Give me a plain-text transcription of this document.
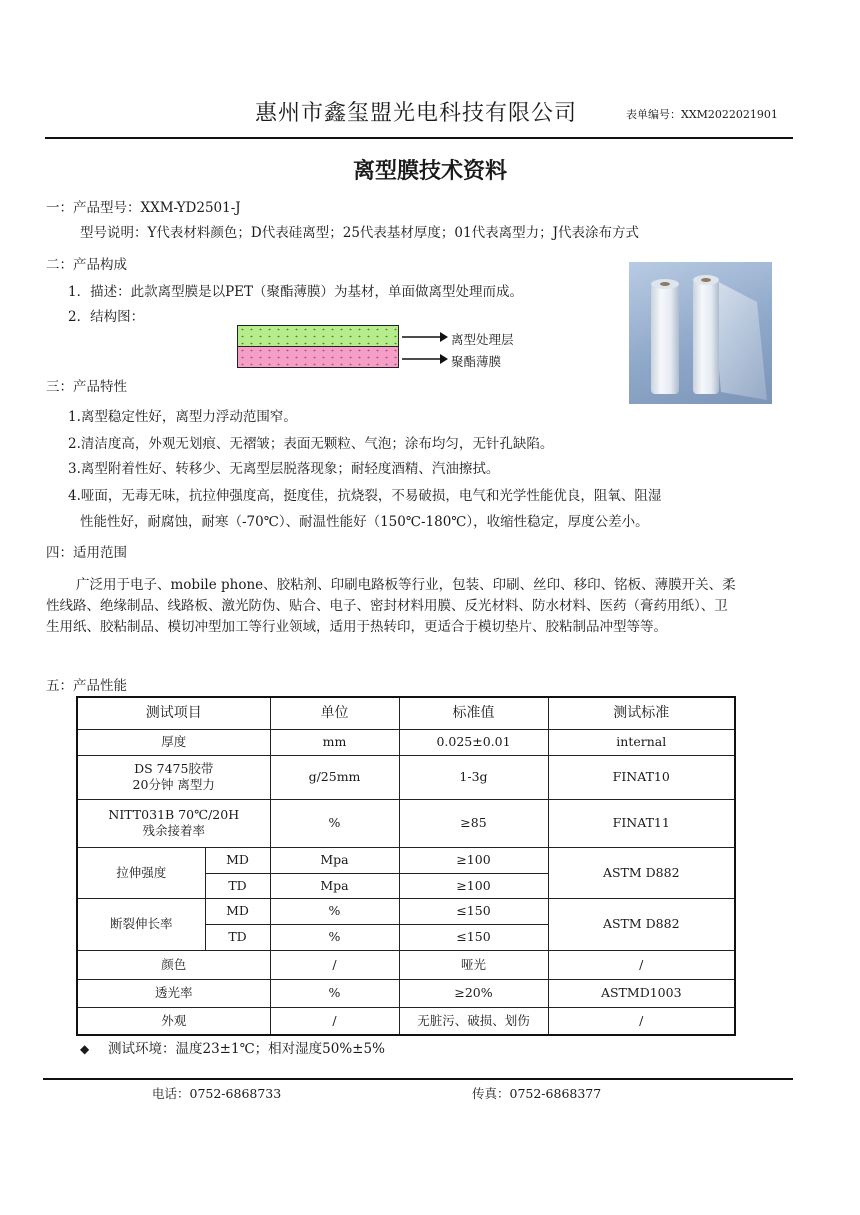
惠州市鑫玺盟光电科技有限公司	表单编号：XXM2022021901
离型膜技术资料
一：产品型号：XXM-YD2501-J
型号说明：Y代表材料颜色；D代表硅离型；25代表基材厚度；01代表离型力；J代表涂布方式
二：产品构成
1．描述：此款离型膜是以PET（聚酯薄膜）为基材，单面做离型处理而成。
2．结构图：
离型处理层
聚酯薄膜
三：产品特性
1.离型稳定性好，离型力浮动范围窄。
2.清洁度高，外观无划痕、无褶皱；表面无颗粒、气泡；涂布均匀，无针孔缺陷。
3.离型附着性好、转移少、无离型层脱落现象；耐轻度酒精、汽油擦拭。
4.哑面，无毒无味，抗拉伸强度高，挺度佳，抗烧裂，不易破损，电气和光学性能优良，阻氧、阻湿
性能性好，耐腐蚀，耐寒（-70℃）、耐温性能好（150℃-180℃），收缩性稳定，厚度公差小。
四：适用范围
广泛用于电子、mobile phone、胶粘剂、印刷电路板等行业，包装、印刷、丝印、移印、铭板、薄膜开关、柔性线路、绝缘制品、线路板、激光防伪、贴合、电子、密封材料用膜、反光材料、防水材料、医药（膏药用纸）、卫生用纸、胶粘制品、模切冲型加工等行业领域，适用于热转印，更适合于模切垫片、胶粘制品冲型等等。
五：产品性能
测试项目		单位	标准值	测试标准
厚度		mm	0.025±0.01	internal

DS 7475胶带
20分钟 离型力		g/25mm	1-3g	FINAT10

NITT031B 70℃/20H
残余接着率		%	≥85	FINAT11
拉伸强度	MD	Mpa	≥100	ASTM D882
	TD	Mpa	≥100	
断裂伸长率	MD	%	≤150	ASTM D882
	TD	%	≤150	
颜色		/	哑光	/
透光率		%	≥20%	ASTMD1003
外观		/	无脏污、破损、划伤	/
◆ 测试环境：温度23±1℃；相对湿度50%±5%
电话：0752-6868733	传真：0752-6868377
